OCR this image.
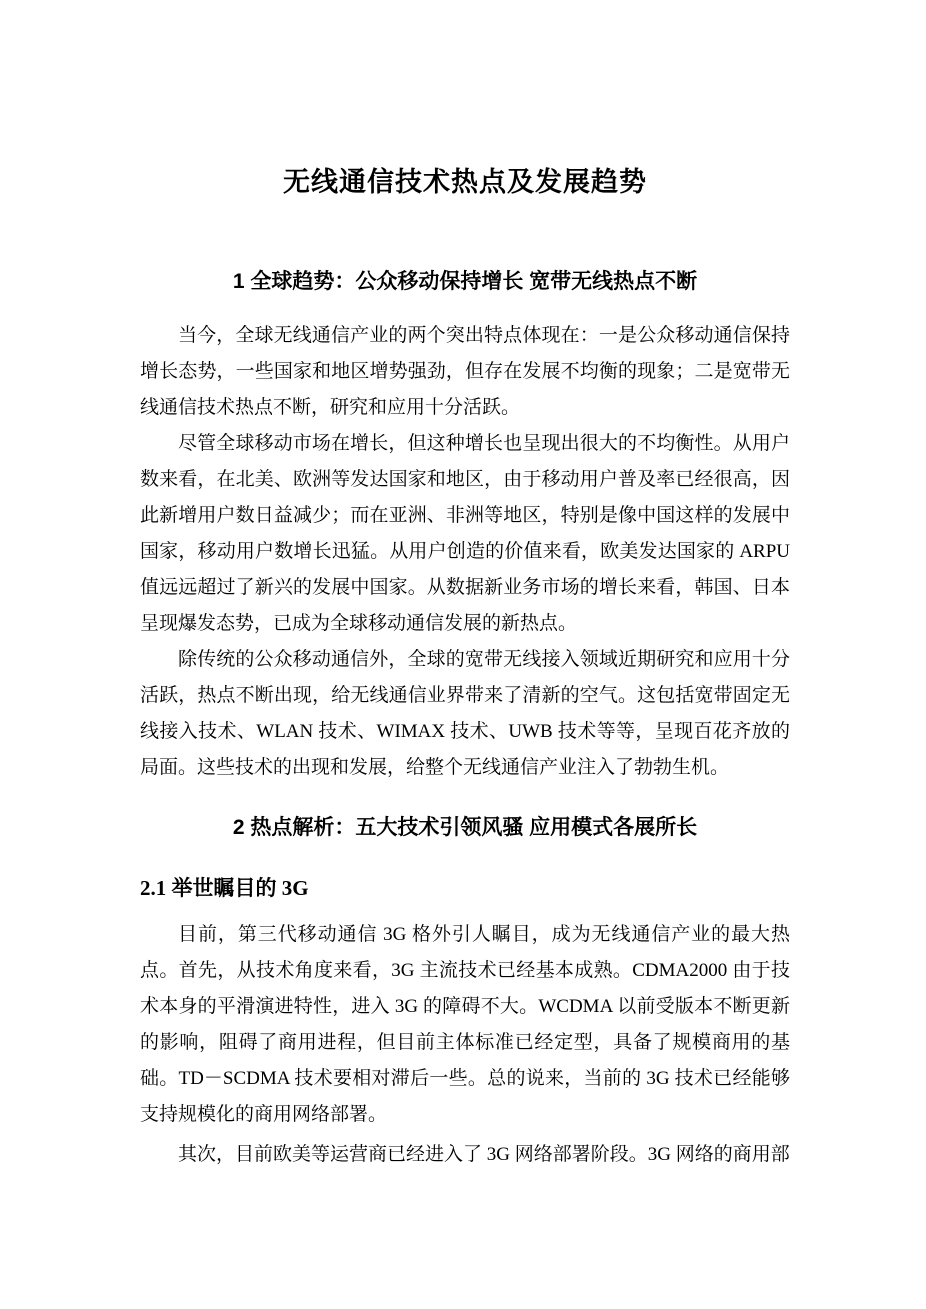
无线通信技术热点及发展趋势
1 全球趋势：公众移动保持增长 宽带无线热点不断

当今，全球无线通信产业的两个突出特点体现在：一是公众移动通信保持增长态势，一些国家和地区增势强劲，但存在发展不均衡的现象；二是宽带无线通信技术热点不断，研究和应用十分活跃。

尽管全球移动市场在增长，但这种增长也呈现出很大的不均衡性。从用户数来看，在北美、欧洲等发达国家和地区，由于移动用户普及率已经很高，因此新增用户数日益减少；而在亚洲、非洲等地区，特别是像中国这样的发展中国家，移动用户数增长迅猛。从用户创造的价值来看，欧美发达国家的 ARPU 值远远超过了新兴的发展中国家。从数据新业务市场的增长来看，韩国、日本呈现爆发态势，已成为全球移动通信发展的新热点。

除传统的公众移动通信外，全球的宽带无线接入领域近期研究和应用十分活跃，热点不断出现，给无线通信业界带来了清新的空气。这包括宽带固定无线接入技术、WLAN 技术、WIMAX 技术、UWB 技术等等，呈现百花齐放的局面。这些技术的出现和发展，给整个无线通信产业注入了勃勃生机。

2 热点解析：五大技术引领风骚 应用模式各展所长
2.1 举世瞩目的 3G

目前，第三代移动通信 3G 格外引人瞩目，成为无线通信产业的最大热点。首先，从技术角度来看，3G 主流技术已经基本成熟。CDMA2000 由于技术本身的平滑演进特性，进入 3G 的障碍不大。WCDMA 以前受版本不断更新的影响，阻碍了商用进程，但目前主体标准已经定型，具备了规模商用的基础。TD－SCDMA 技术要相对滞后一些。总的说来，当前的 3G 技术已经能够支持规模化的商用网络部署。

其次，目前欧美等运营商已经进入了 3G 网络部署阶段。3G 网络的商用部
